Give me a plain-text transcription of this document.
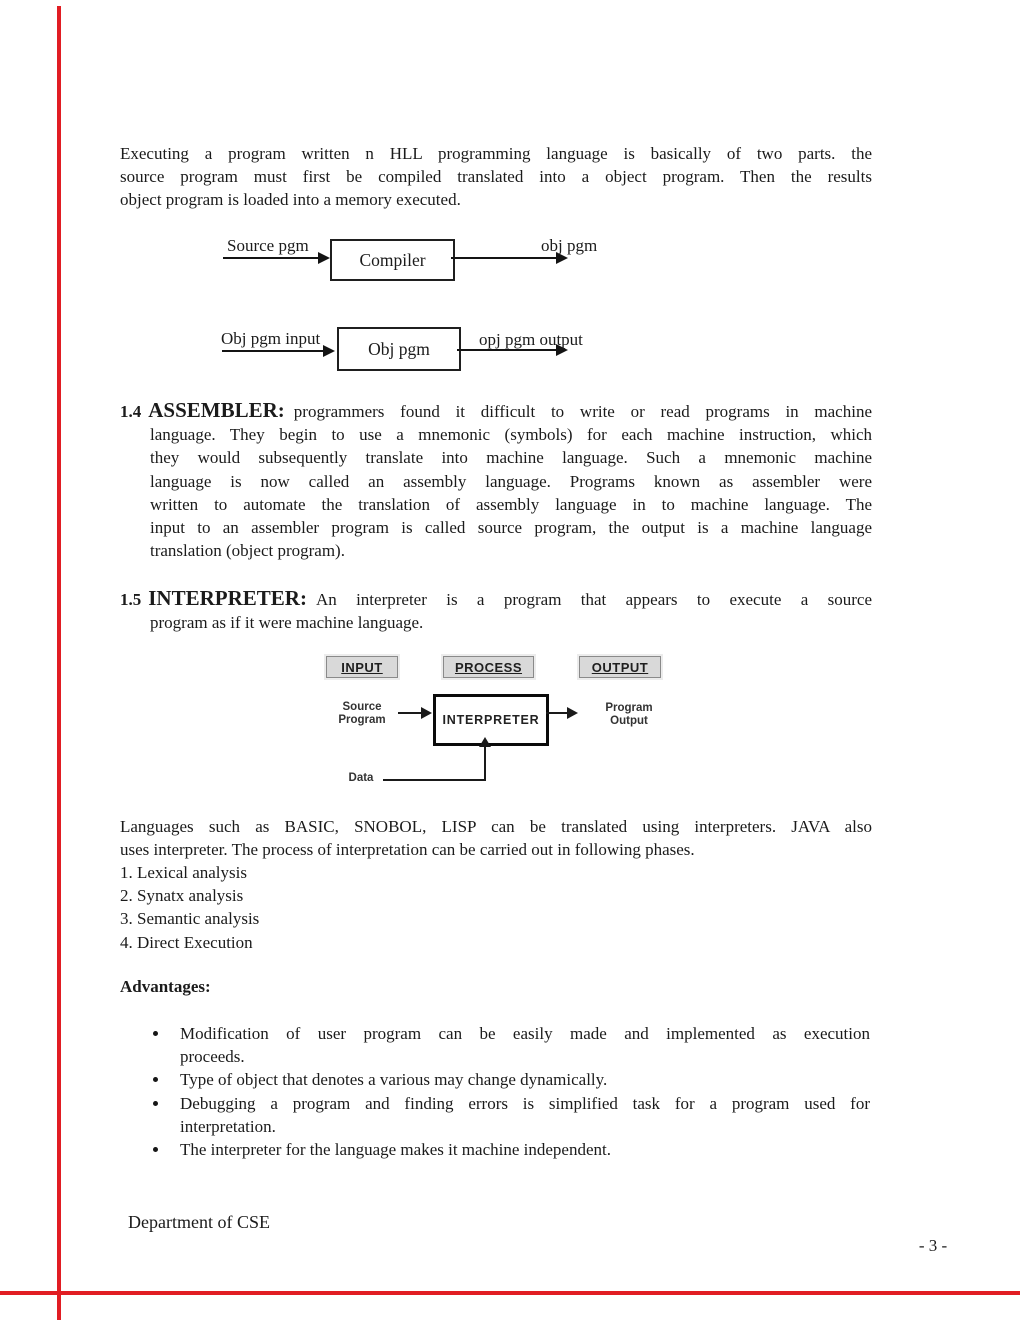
Executing a program written n HLL programming language is basically of two parts. the
source program must first be compiled translated into a object program. Then the results
object program is loaded into a memory executed.
Source pgm
Compiler
obj pgm
Obj pgm input	Obj pgm	opj pgm output
1.4 ASSEMBLER: programmers found it difficult to write or read programs in machine
language. They begin to use a mnemonic (symbols) for each machine instruction, which
they would subsequently translate into machine language. Such a mnemonic machine
language is now called an assembly language. Programs known as assembler were
written to automate the translation of assembly language in to machine language. The
input to an assembler program is called source program, the output is a machine language
translation (object program).
1.5 INTERPRETER: An interpreter is a program that appears to execute a source
program as if it were machine language.
INPUT	PROCESS	OUTPUT
Source
Program	INTERPRETER
Program
Output
Data
Languages such as BASIC, SNOBOL, LISP can be translated using interpreters. JAVA also
uses interpreter. The process of interpretation can be carried out in following phases.
1. Lexical analysis
2. Synatx analysis
3. Semantic analysis
4. Direct Execution
Advantages:
Modification of user program can be easily made and implemented as execution
proceeds.
Type of object that denotes a various may change dynamically.
Debugging a program and finding errors is simplified task for a program used for
interpretation.
The interpreter for the language makes it machine independent.
Department of CSE
- 3 -
